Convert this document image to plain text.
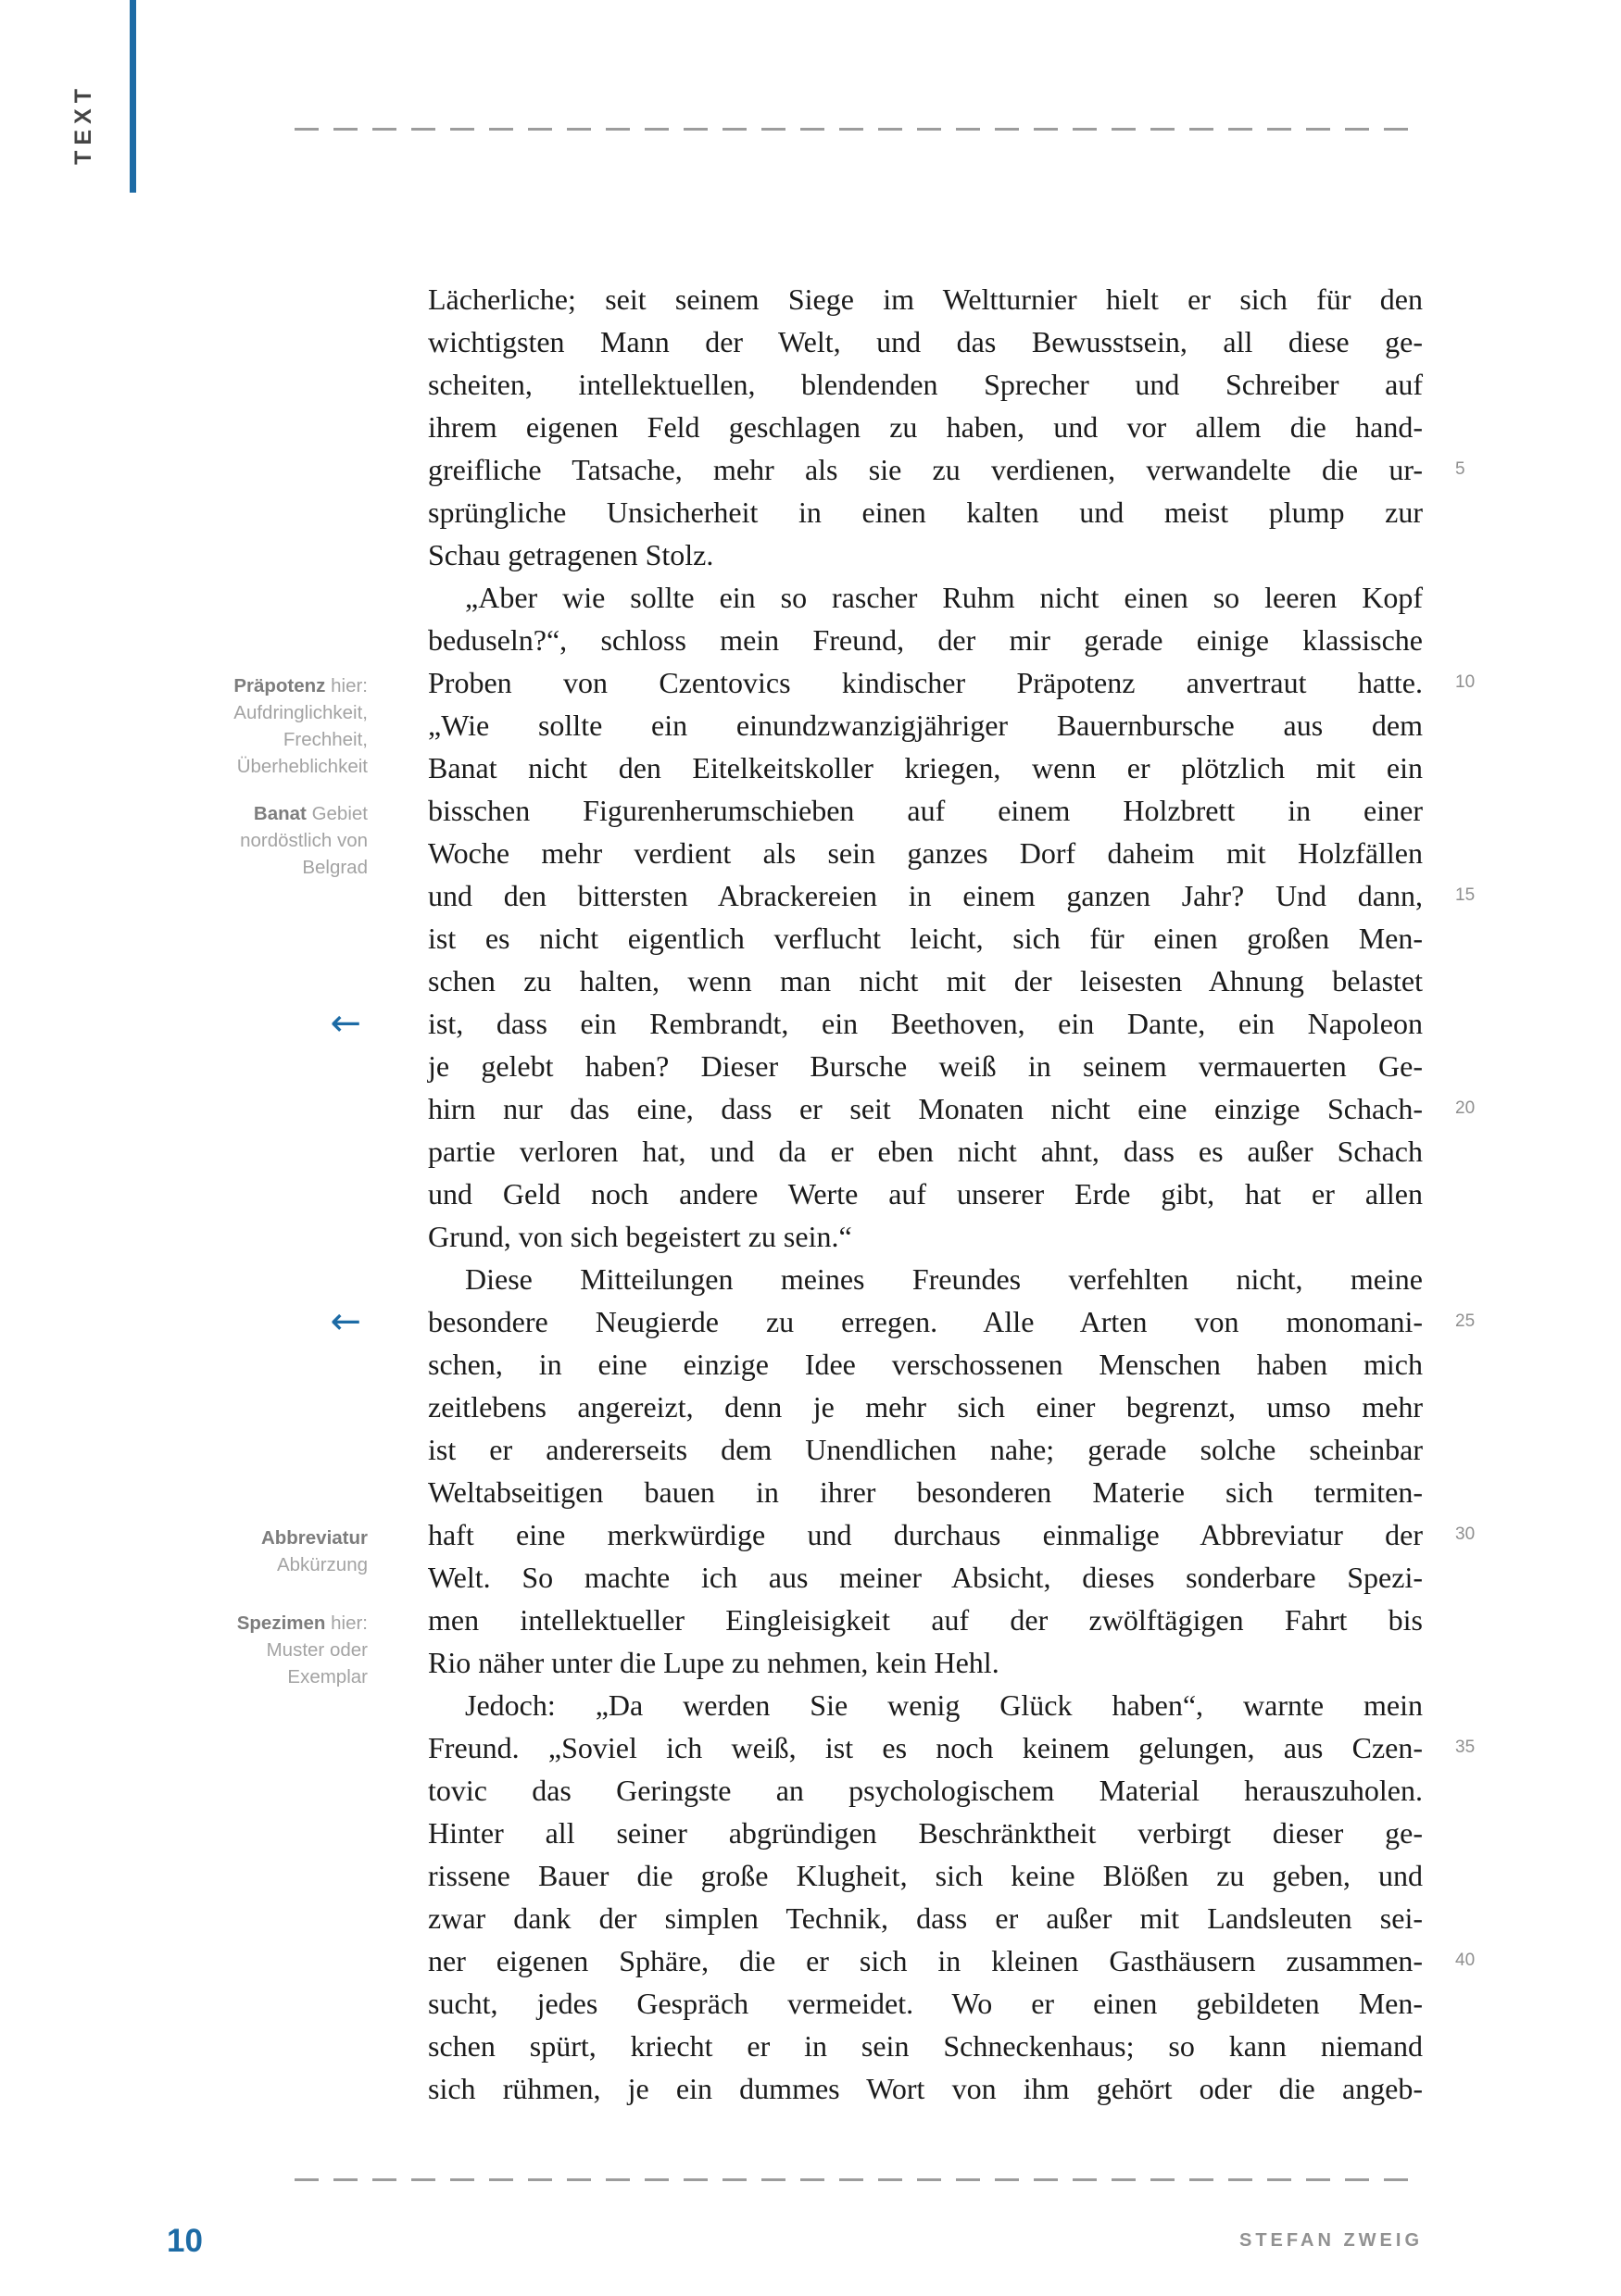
TEXT
Präpotenz hier:
Aufdringlichkeit,
Frechheit,
Überheblichkeit
Banat Gebiet
nordöstlich von
Belgrad
←
←
Abbreviatur
Abkürzung
Spezimen hier:
Muster oder
Exemplar
Lächerliche; seit seinem Siege im Weltturnier hielt er sich für den
wichtigsten Mann der Welt, und das Bewusstsein, all diese ge-
scheiten, intellektuellen, blendenden Sprecher und Schreiber auf
ihrem eigenen Feld geschlagen zu haben, und vor allem die hand-
greifliche Tatsache, mehr als sie zu verdienen, verwandelte die ur- 5
sprüngliche Unsicherheit in einen kalten und meist plump zur
Schau getragenen Stolz.
„Aber wie sollte ein so rascher Ruhm nicht einen so leeren Kopf
beduseln?“, schloss mein Freund, der mir gerade einige klassische
Proben von Czentovics kindischer Präpotenz anvertraut hatte. 10
„Wie sollte ein einundzwanzigjähriger Bauernbursche aus dem
Banat nicht den Eitelkeitskoller kriegen, wenn er plötzlich mit ein
bisschen Figurenherumschieben auf einem Holzbrett in einer
Woche mehr verdient als sein ganzes Dorf daheim mit Holzfällen
und den bittersten Abrackereien in einem ganzen Jahr? Und dann, 15
ist es nicht eigentlich verflucht leicht, sich für einen großen Men-
schen zu halten, wenn man nicht mit der leisesten Ahnung belastet
ist, dass ein Rembrandt, ein Beethoven, ein Dante, ein Napoleon
je gelebt haben? Dieser Bursche weiß in seinem vermauerten Ge-
hirn nur das eine, dass er seit Monaten nicht eine einzige Schach- 20
partie verloren hat, und da er eben nicht ahnt, dass es außer Schach
und Geld noch andere Werte auf unserer Erde gibt, hat er allen
Grund, von sich begeistert zu sein.“
Diese Mitteilungen meines Freundes verfehlten nicht, meine
besondere Neugierde zu erregen. Alle Arten von monomani- 25
schen, in eine einzige Idee verschossenen Menschen haben mich
zeitlebens angereizt, denn je mehr sich einer begrenzt, umso mehr
ist er andererseits dem Unendlichen nahe; gerade solche scheinbar
Weltabseitigen bauen in ihrer besonderen Materie sich termiten-
haft eine merkwürdige und durchaus einmalige Abbreviatur der 30
Welt. So machte ich aus meiner Absicht, dieses sonderbare Spezi-
men intellektueller Eingleisigkeit auf der zwölftägigen Fahrt bis
Rio näher unter die Lupe zu nehmen, kein Hehl.
Jedoch: „Da werden Sie wenig Glück haben“, warnte mein
Freund. „Soviel ich weiß, ist es noch keinem gelungen, aus Czen- 35
tovic das Geringste an psychologischem Material herauszuholen.
Hinter all seiner abgründigen Beschränktheit verbirgt dieser ge-
rissene Bauer die große Klugheit, sich keine Blößen zu geben, und
zwar dank der simplen Technik, dass er außer mit Landsleuten sei-
ner eigenen Sphäre, die er sich in kleinen Gasthäusern zusammen- 40
sucht, jedes Gespräch vermeidet. Wo er einen gebildeten Men-
schen spürt, kriecht er in sein Schneckenhaus; so kann niemand
sich rühmen, je ein dummes Wort von ihm gehört oder die angeb-
10	STEFAN ZWEIG
